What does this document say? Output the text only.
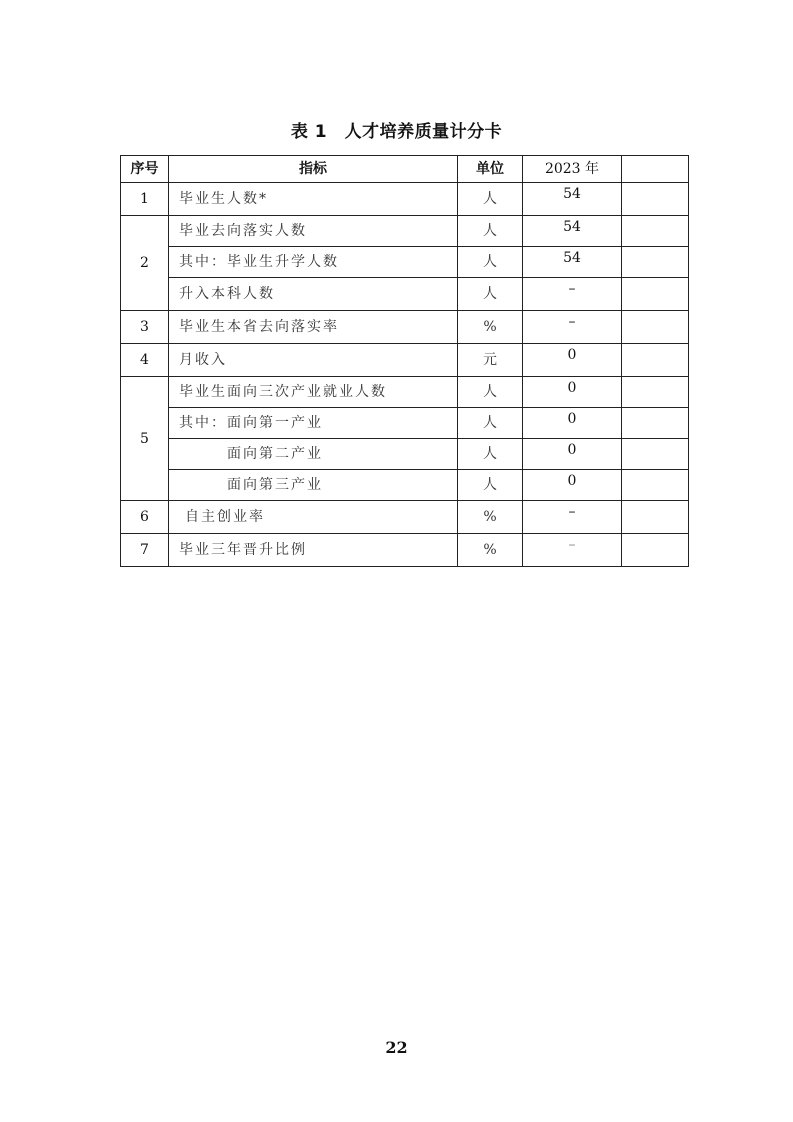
表 1　人才培养质量计分卡
序号	指标	单位	2023 年	
1	毕业生人数*	人	54	
2	毕业去向落实人数	人	54	
	其中：毕业生升学人数	人	54	
	升入本科人数	人	–	
3	毕业生本省去向落实率	%	–	
4	月收入	元	0	
5	毕业生面向三次产业就业人数	人	0	
	其中：面向第一产业	人	0	
	面向第二产业	人	0	
	面向第三产业	人	0	
6	自主创业率	%	–	
7	毕业三年晋升比例	%	–	
22
